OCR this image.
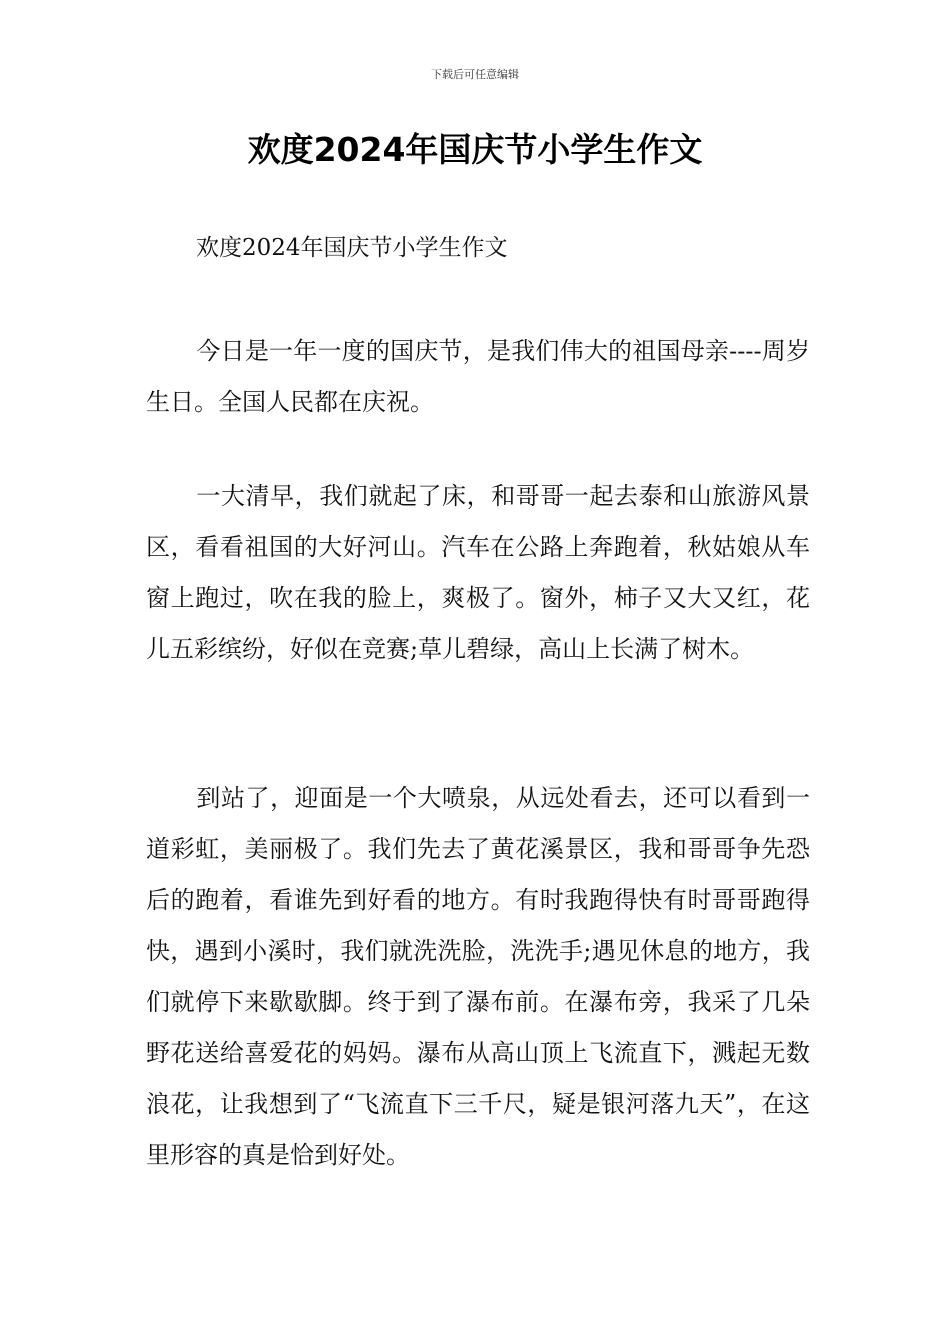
下载后可任意编辑
欢度2024年国庆节小学生作文

欢度2024年国庆节小学生作文

今日是一年一度的国庆节，是我们伟大的祖国母亲----周岁生日。全国人民都在庆祝。

一大清早，我们就起了床，和哥哥一起去泰和山旅游风景区，看看祖国的大好河山。汽车在公路上奔跑着，秋姑娘从车窗上跑过，吹在我的脸上，爽极了。窗外，柿子又大又红，花儿五彩缤纷，好似在竞赛;草儿碧绿，高山上长满了树木。

到站了，迎面是一个大喷泉，从远处看去，还可以看到一道彩虹，美丽极了。我们先去了黄花溪景区，我和哥哥争先恐后的跑着，看谁先到好看的地方。有时我跑得快有时哥哥跑得快，遇到小溪时，我们就洗洗脸，洗洗手;遇见休息的地方，我们就停下来歇歇脚。终于到了瀑布前。在瀑布旁，我采了几朵野花送给喜爱花的妈妈。瀑布从高山顶上飞流直下，溅起无数浪花，让我想到了“飞流直下三千尺，疑是银河落九天”，在这里形容的真是恰到好处。
